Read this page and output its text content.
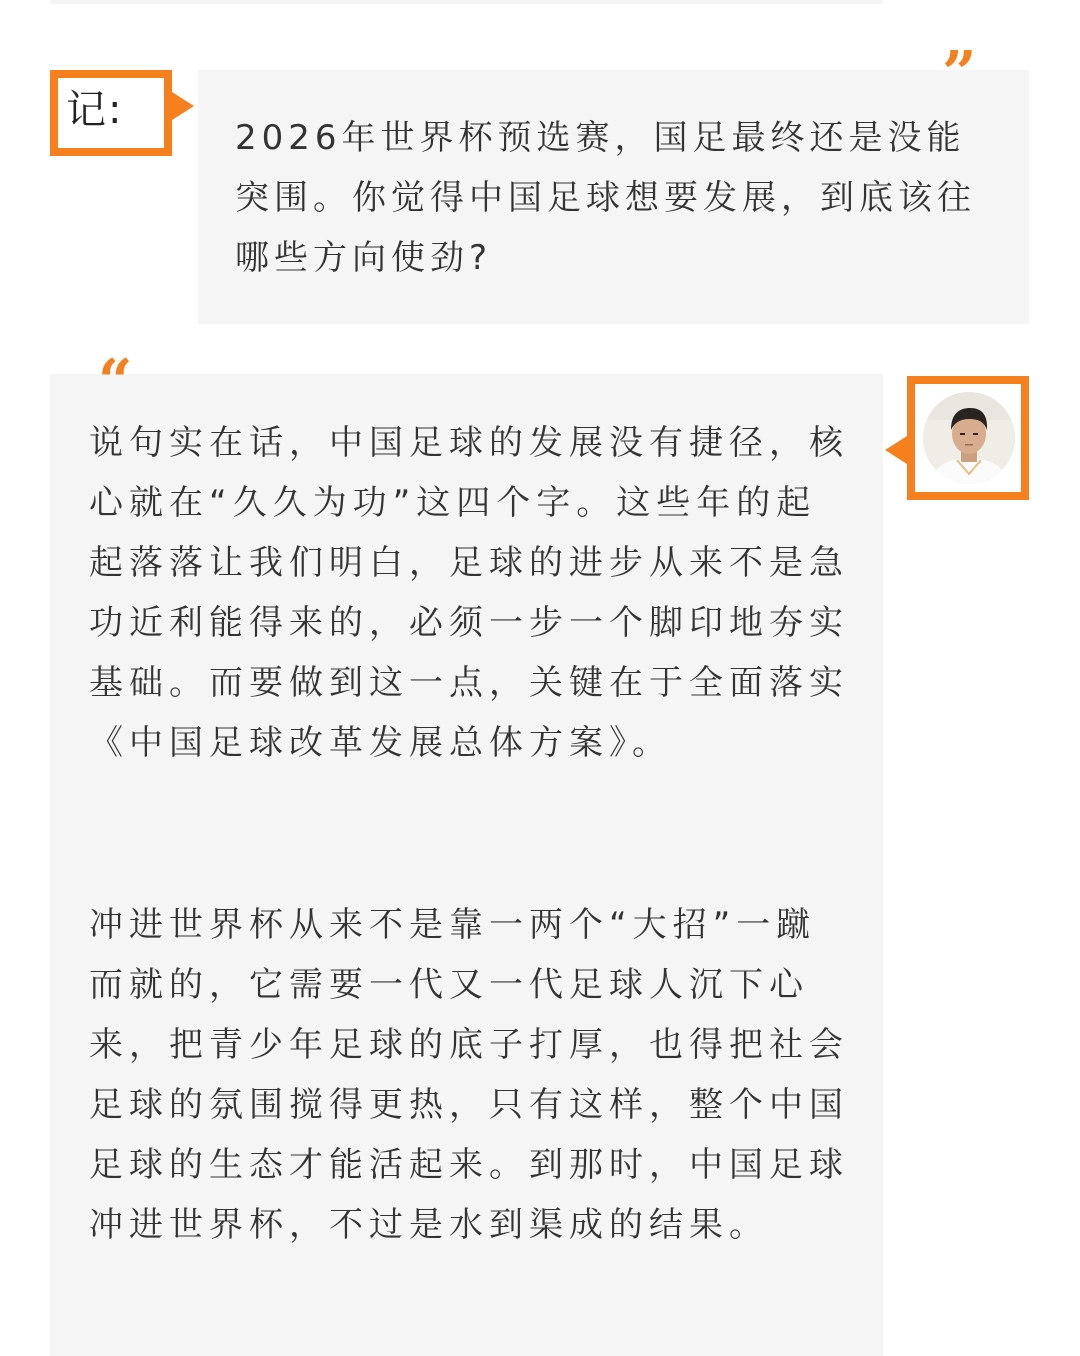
记:
”

2026年世界杯预选赛，国足最终还是没能突围。你觉得中国足球想要发展，到底该往哪些方向使劲?

“

说句实在话，中国足球的发展没有捷径，核心就在“久久为功”这四个字。这些年的起起落落让我们明白，足球的进步从来不是急功近利能得来的，必须一步一个脚印地夯实基础。而要做到这一点，关键在于全面落实《中国足球改革发展总体方案》。

冲进世界杯从来不是靠一两个“大招”一蹴而就的，它需要一代又一代足球人沉下心来，把青少年足球的底子打厚，也得把社会足球的氛围搅得更热，只有这样，整个中国足球的生态才能活起来。到那时，中国足球冲进世界杯，不过是水到渠成的结果。
